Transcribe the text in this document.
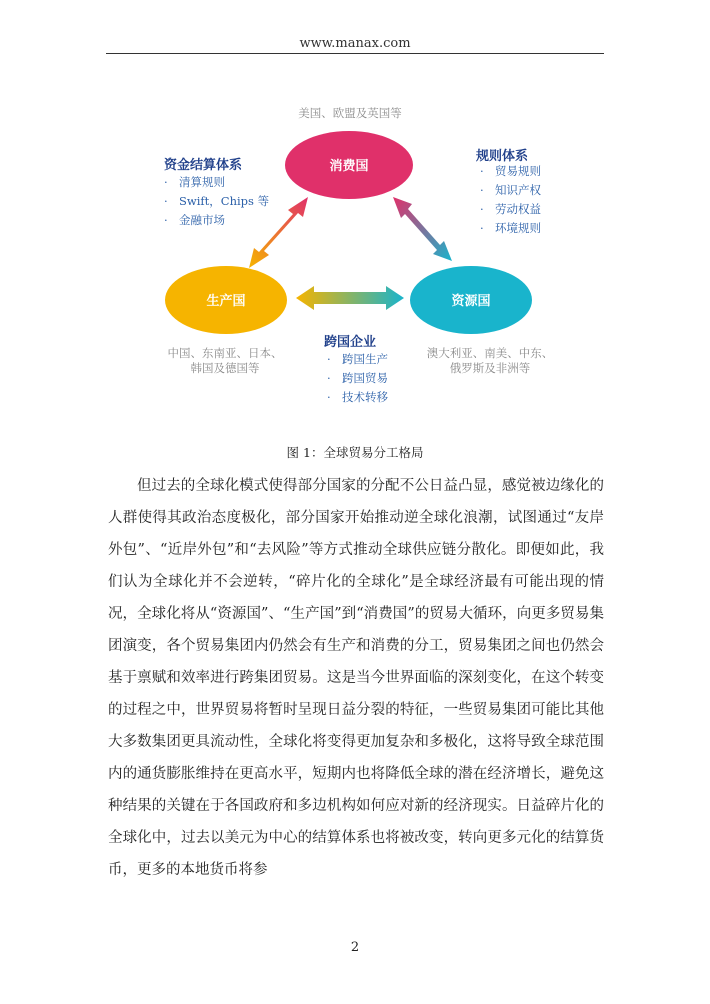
www.manax.com
消费国
生产国	资源国
美国、欧盟及英国等
中国、东南亚、日本、
韩国及德国等
澳大利亚、南美、中东、
俄罗斯及非洲等
资金结算体系
· 清算规则
· Swift，Chips 等
· 金融市场
规则体系
· 贸易规则
· 知识产权
· 劳动权益
· 环境规则
跨国企业
· 跨国生产
· 跨国贸易
· 技术转移
图 1：全球贸易分工格局

但过去的全球化模式使得部分国家的分配不公日益凸显，感觉被边缘化的人群使得其政治态度极化，部分国家开始推动逆全球化浪潮，试图通过“友岸外包”、“近岸外包”和“去风险”等方式推动全球供应链分散化。即便如此，我们认为全球化并不会逆转，“碎片化的全球化”是全球经济最有可能出现的情况，全球化将从“资源国”、“生产国”到“消费国”的贸易大循环，向更多贸易集团演变，各个贸易集团内仍然会有生产和消费的分工，贸易集团之间也仍然会基于禀赋和效率进行跨集团贸易。这是当今世界面临的深刻变化，在这个转变的过程之中，世界贸易将暂时呈现日益分裂的特征，一些贸易集团可能比其他大多数集团更具流动性，全球化将变得更加复杂和多极化，这将导致全球范围内的通货膨胀维持在更高水平，短期内也将降低全球的潜在经济增长，避免这种结果的关键在于各国政府和多边机构如何应对新的经济现实。日益碎片化的全球化中，过去以美元为中心的结算体系也将被改变，转向更多元化的结算货币，更多的本地货币将参

2
